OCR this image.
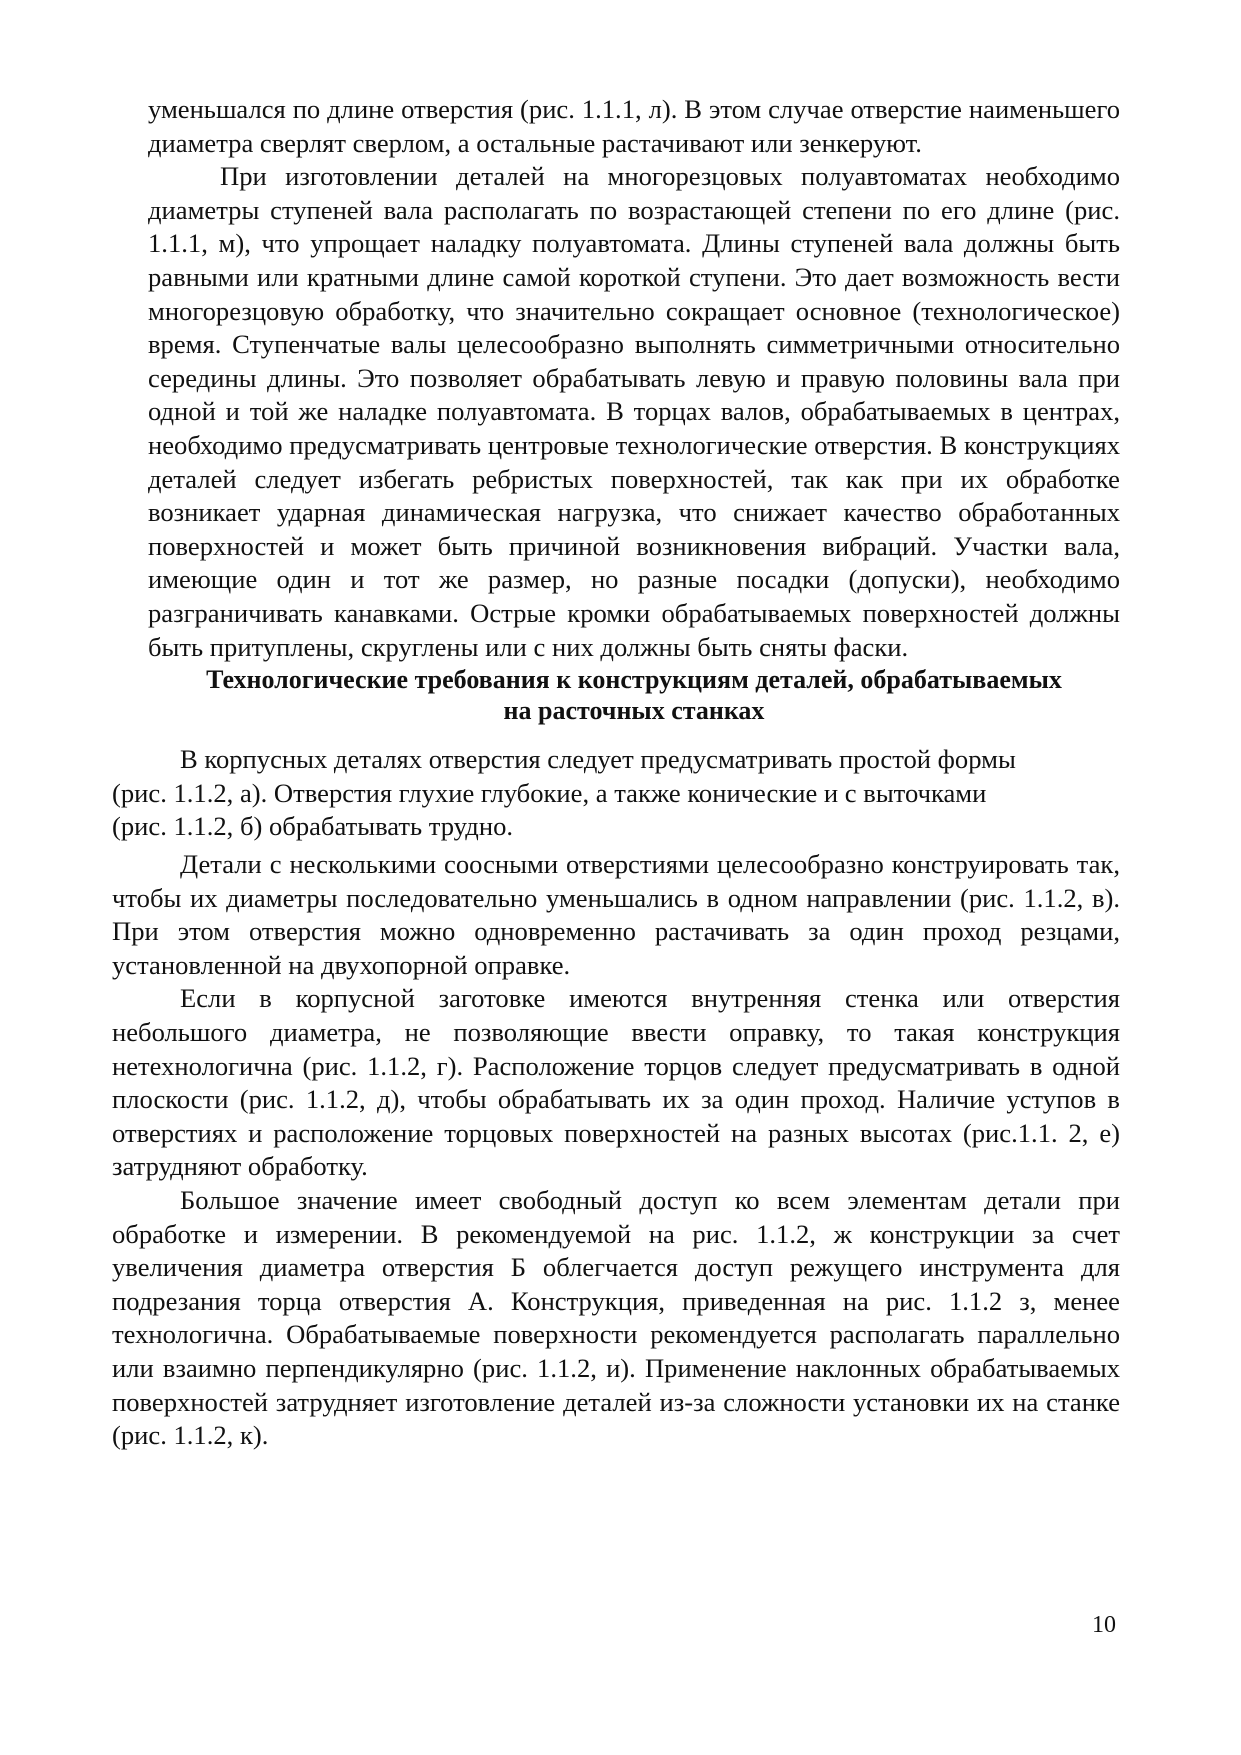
уменьшался по длине отверстия (рис. 1.1.1, л). В этом случае отверстие наименьшего диаметра сверлят сверлом, а остальные растачивают или зенкеруют.

При изготовлении деталей на многорезцовых полуавтоматах необходимо диаметры ступеней вала располагать по возрастающей степени по его длине (рис. 1.1.1, м), что упрощает наладку полуавтомата. Длины ступеней вала должны быть равными или кратными длине самой короткой ступени. Это дает возможность вести многорезцовую обработку, что значительно сокращает основное (технологическое) время. Ступенчатые валы целесообразно выполнять симметричными относительно середины длины. Это позволяет обрабатывать левую и правую половины вала при одной и той же наладке полуавтомата. В торцах валов, обрабатываемых в центрах, необходимо предусматривать центровые технологические отверстия. В конструкциях деталей следует избегать ребристых поверхностей, так как при их обработке возникает ударная динамическая нагрузка, что снижает качество обработанных поверхностей и может быть причиной возникновения вибраций. Участки вала, имеющие один и тот же размер, но разные посадки (допуски), необходимо разграничивать канавками. Острые кромки обрабатываемых поверхностей должны быть притуплены, скруглены или с них должны быть сняты фаски.

Технологические требования к конструкциям деталей, обрабатываемых

на расточных станках

В корпусных деталях отверстия следует предусматривать простой формы
(рис. 1.1.2, а). Отверстия глухие глубокие, а также конические и с выточками
(рис. 1.1.2, б) обрабатывать трудно.

Детали с несколькими соосными отверстиями целесообразно конструировать так, чтобы их диаметры последовательно уменьшались в одном направлении (рис. 1.1.2, в). При этом отверстия можно одновременно растачивать за один проход резцами, установленной на двухопорной оправке.

Если в корпусной заготовке имеются внутренняя стенка или отверстия небольшого диаметра, не позволяющие ввести оправку, то такая конструкция нетехнологична (рис. 1.1.2, г). Расположение торцов следует предусматривать в одной плоскости (рис. 1.1.2, д), чтобы обрабатывать их за один проход. Наличие уступов в отверстиях и расположение торцовых поверхностей на разных высотах (рис.1.1. 2, е) затрудняют обработку.

Большое значение имеет свободный доступ ко всем элементам детали при обработке и измерении. В рекомендуемой на рис. 1.1.2, ж конструкции за счет увеличения диаметра отверстия Б облегчается доступ режущего инструмента для подрезания торца отверстия А. Конструкция, приведенная на рис. 1.1.2 з, менее технологична. Обрабатываемые поверхности рекомендуется располагать параллельно или взаимно перпендикулярно (рис. 1.1.2, и). Применение наклонных обрабатываемых поверхностей затрудняет изготовление деталей из-за сложности установки их на станке (рис. 1.1.2, к).

10
